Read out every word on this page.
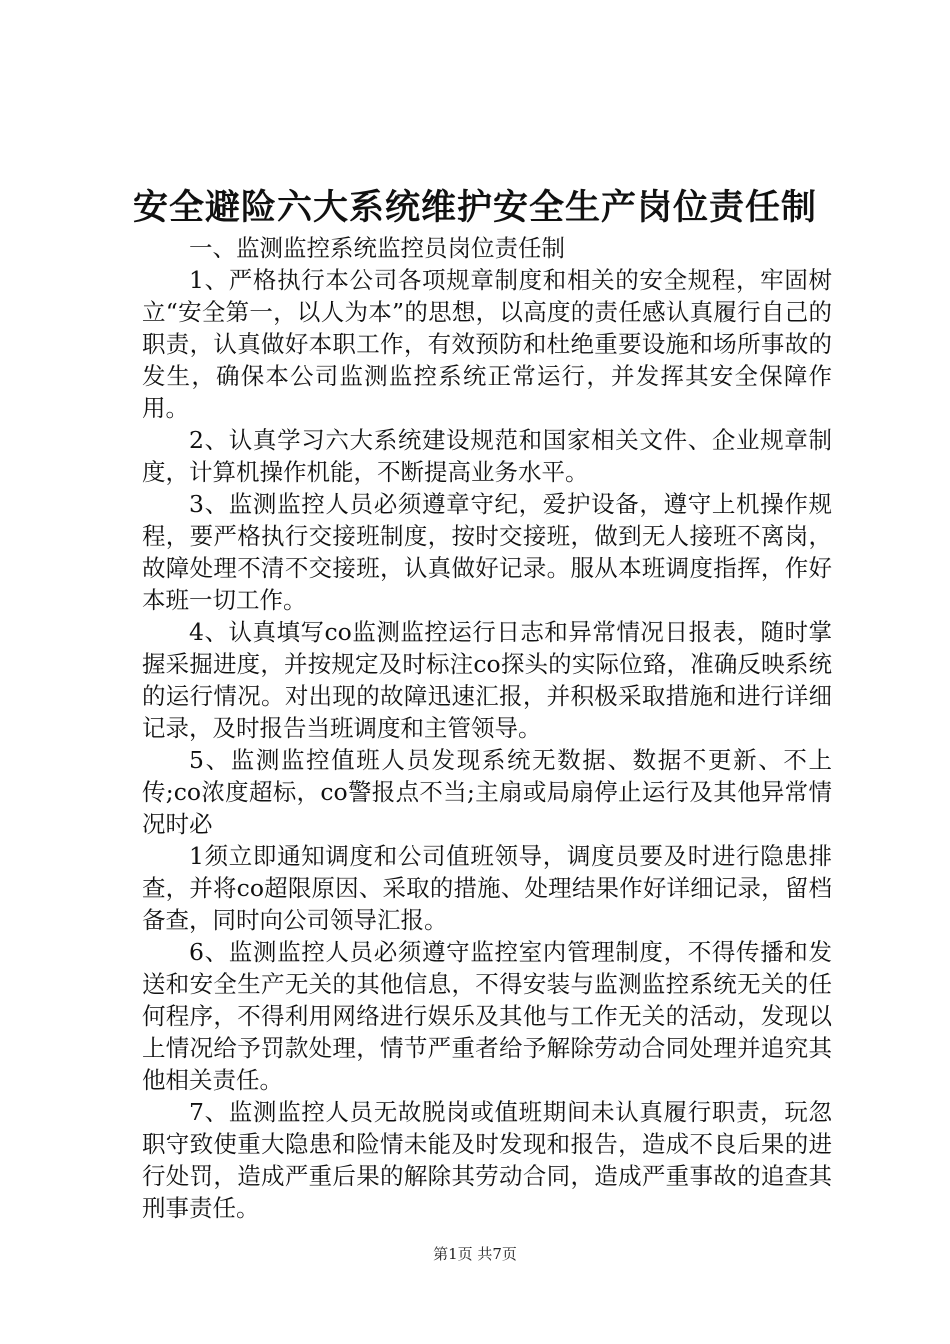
安全避险六大系统维护安全生产岗位责任制

一、监测监控系统监控员岗位责任制

1、严格执行本公司各项规章制度和相关的安全规程，牢固树立“安全第一，以人为本”的思想，以高度的责任感认真履行自己的职责，认真做好本职工作，有效预防和杜绝重要设施和场所事故的发生，确保本公司监测监控系统正常运行，并发挥其安全保障作用。

2、认真学习六大系统建设规范和国家相关文件、企业规章制度，计算机操作机能，不断提高业务水平。

3、监测监控人员必须遵章守纪，爱护设备，遵守上机操作规程，要严格执行交接班制度，按时交接班，做到无人接班不离岗，故障处理不清不交接班，认真做好记录。服从本班调度指挥，作好本班一切工作。

4、认真填写co监测监控运行日志和异常情况日报表，随时掌握采掘进度，并按规定及时标注co探头的实际位臵，准确反映系统的运行情况。对出现的故障迅速汇报，并积极采取措施和进行详细记录，及时报告当班调度和主管领导。

5、监测监控值班人员发现系统无数据、数据不更新、不上传;co浓度超标，co警报点不当;主扇或局扇停止运行及其他异常情况时必

1须立即通知调度和公司值班领导，调度员要及时进行隐患排查，并将co超限原因、采取的措施、处理结果作好详细记录，留档备查，同时向公司领导汇报。

6、监测监控人员必须遵守监控室内管理制度，不得传播和发送和安全生产无关的其他信息，不得安装与监测监控系统无关的任何程序，不得利用网络进行娱乐及其他与工作无关的活动，发现以上情况给予罚款处理，情节严重者给予解除劳动合同处理并追究其他相关责任。

7、监测监控人员无故脱岗或值班期间未认真履行职责，玩忽职守致使重大隐患和险情未能及时发现和报告，造成不良后果的进行处罚，造成严重后果的解除其劳动合同，造成严重事故的追查其刑事责任。

第1页 共7页
